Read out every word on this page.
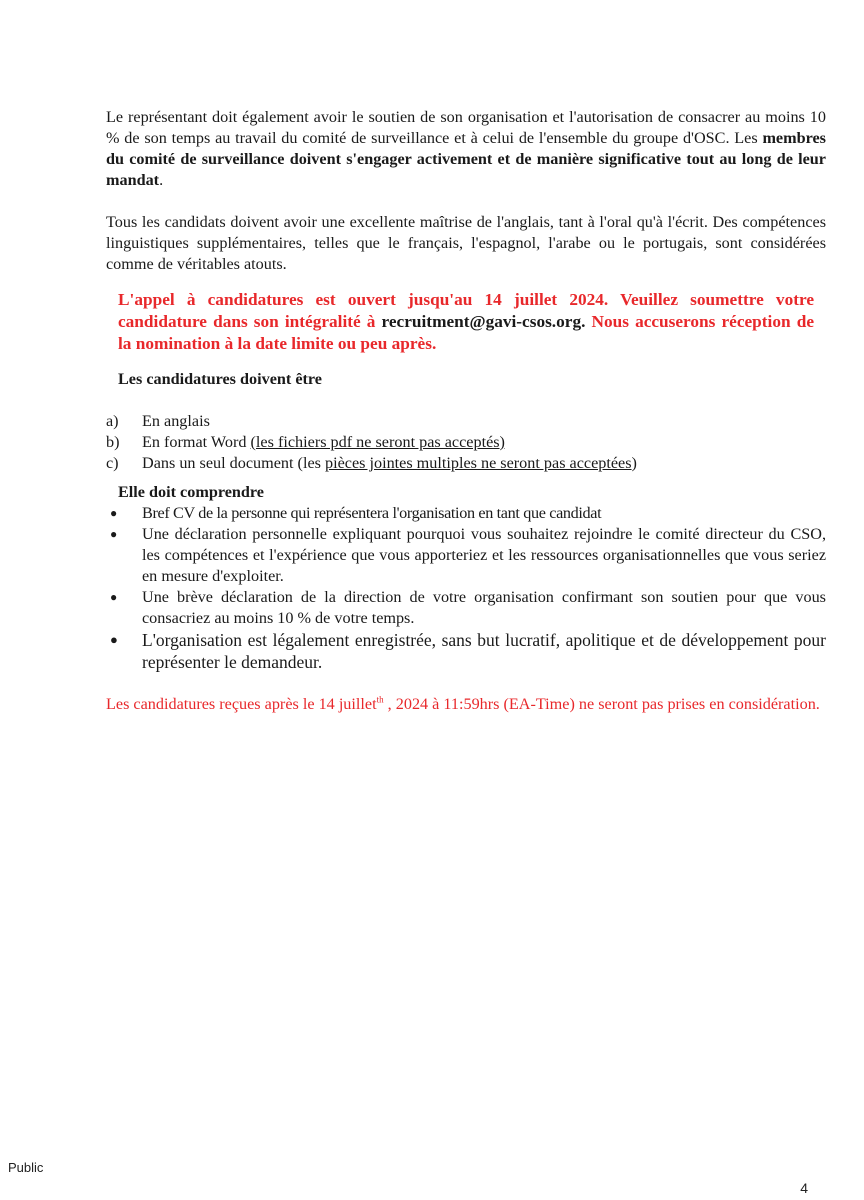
Le représentant doit également avoir le soutien de son organisation et l'autorisation de consacrer au moins 10 % de son temps au travail du comité de surveillance et à celui de l'ensemble du groupe d'OSC. Les membres du comité de surveillance doivent s'engager activement et de manière significative tout au long de leur mandat.

Tous les candidats doivent avoir une excellente maîtrise de l'anglais, tant à l'oral qu'à l'écrit. Des compétences linguistiques supplémentaires, telles que le français, l'espagnol, l'arabe ou le portugais, sont considérées comme de véritables atouts.

L'appel à candidatures est ouvert jusqu'au 14 juillet 2024. Veuillez soumettre votre candidature dans son intégralité à recruitment@gavi-csos.org. Nous accuserons réception de la nomination à la date limite ou peu après.

Les candidatures doivent être

a)	En anglais
b)	En format Word (les fichiers pdf ne seront pas acceptés)
c)	Dans un seul document (les pièces jointes multiples ne seront pas acceptées)

Elle doit comprendre

●	Bref CV de la personne qui représentera l'organisation en tant que candidat
●	Une déclaration personnelle expliquant pourquoi vous souhaitez rejoindre le comité directeur du CSO, les compétences et l'expérience que vous apporteriez et les ressources organisationnelles que vous seriez en mesure d'exploiter.
●	Une brève déclaration de la direction de votre organisation confirmant son soutien pour que vous consacriez au moins 10 % de votre temps.
●	L'organisation est légalement enregistrée, sans but lucratif, apolitique et de développement pour représenter le demandeur.

Les candidatures reçues après le 14 juillet$^{th}$ , 2024 à 11:59hrs (EA-Time) ne seront pas prises en considération.

Public
4
